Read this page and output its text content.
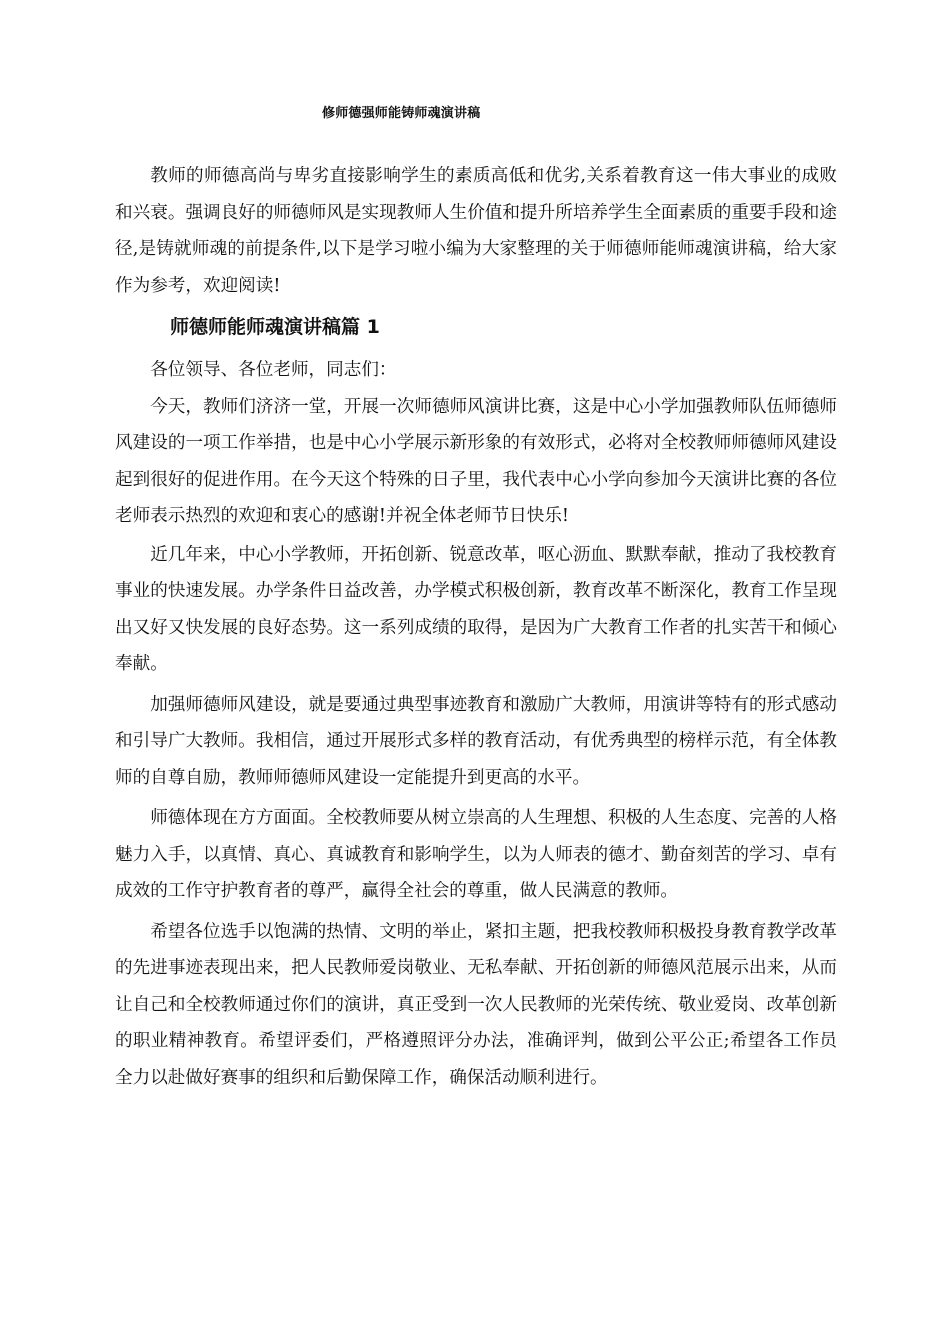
修师德强师能铸师魂演讲稿

教师的师德高尚与卑劣直接影响学生的素质高低和优劣,关系着教育这一伟大事业的成败和兴衰。强调良好的师德师风是实现教师人生价值和提升所培养学生全面素质的重要手段和途径,是铸就师魂的前提条件,以下是学习啦小编为大家整理的关于师德师能师魂演讲稿，给大家作为参考，欢迎阅读!

师德师能师魂演讲稿篇 1

各位领导、各位老师，同志们：

今天，教师们济济一堂，开展一次师德师风演讲比赛，这是中心小学加强教师队伍师德师风建设的一项工作举措，也是中心小学展示新形象的有效形式，必将对全校教师师德师风建设起到很好的促进作用。在今天这个特殊的日子里，我代表中心小学向参加今天演讲比赛的各位老师表示热烈的欢迎和衷心的感谢!并祝全体老师节日快乐!

近几年来，中心小学教师，开拓创新、锐意改革，呕心沥血、默默奉献，推动了我校教育事业的快速发展。办学条件日益改善，办学模式积极创新，教育改革不断深化，教育工作呈现出又好又快发展的良好态势。这一系列成绩的取得，是因为广大教育工作者的扎实苦干和倾心奉献。

加强师德师风建设，就是要通过典型事迹教育和激励广大教师，用演讲等特有的形式感动和引导广大教师。我相信，通过开展形式多样的教育活动，有优秀典型的榜样示范，有全体教师的自尊自励，教师师德师风建设一定能提升到更高的水平。

师德体现在方方面面。全校教师要从树立崇高的人生理想、积极的人生态度、完善的人格魅力入手，以真情、真心、真诚教育和影响学生，以为人师表的德才、勤奋刻苦的学习、卓有成效的工作守护教育者的尊严，赢得全社会的尊重，做人民满意的教师。

希望各位选手以饱满的热情、文明的举止，紧扣主题，把我校教师积极投身教育教学改革的先进事迹表现出来，把人民教师爱岗敬业、无私奉献、开拓创新的师德风范展示出来，从而让自己和全校教师通过你们的演讲，真正受到一次人民教师的光荣传统、敬业爱岗、改革创新的职业精神教育。希望评委们，严格遵照评分办法，准确评判，做到公平公正;希望各工作员全力以赴做好赛事的组织和后勤保障工作，确保活动顺利进行。
